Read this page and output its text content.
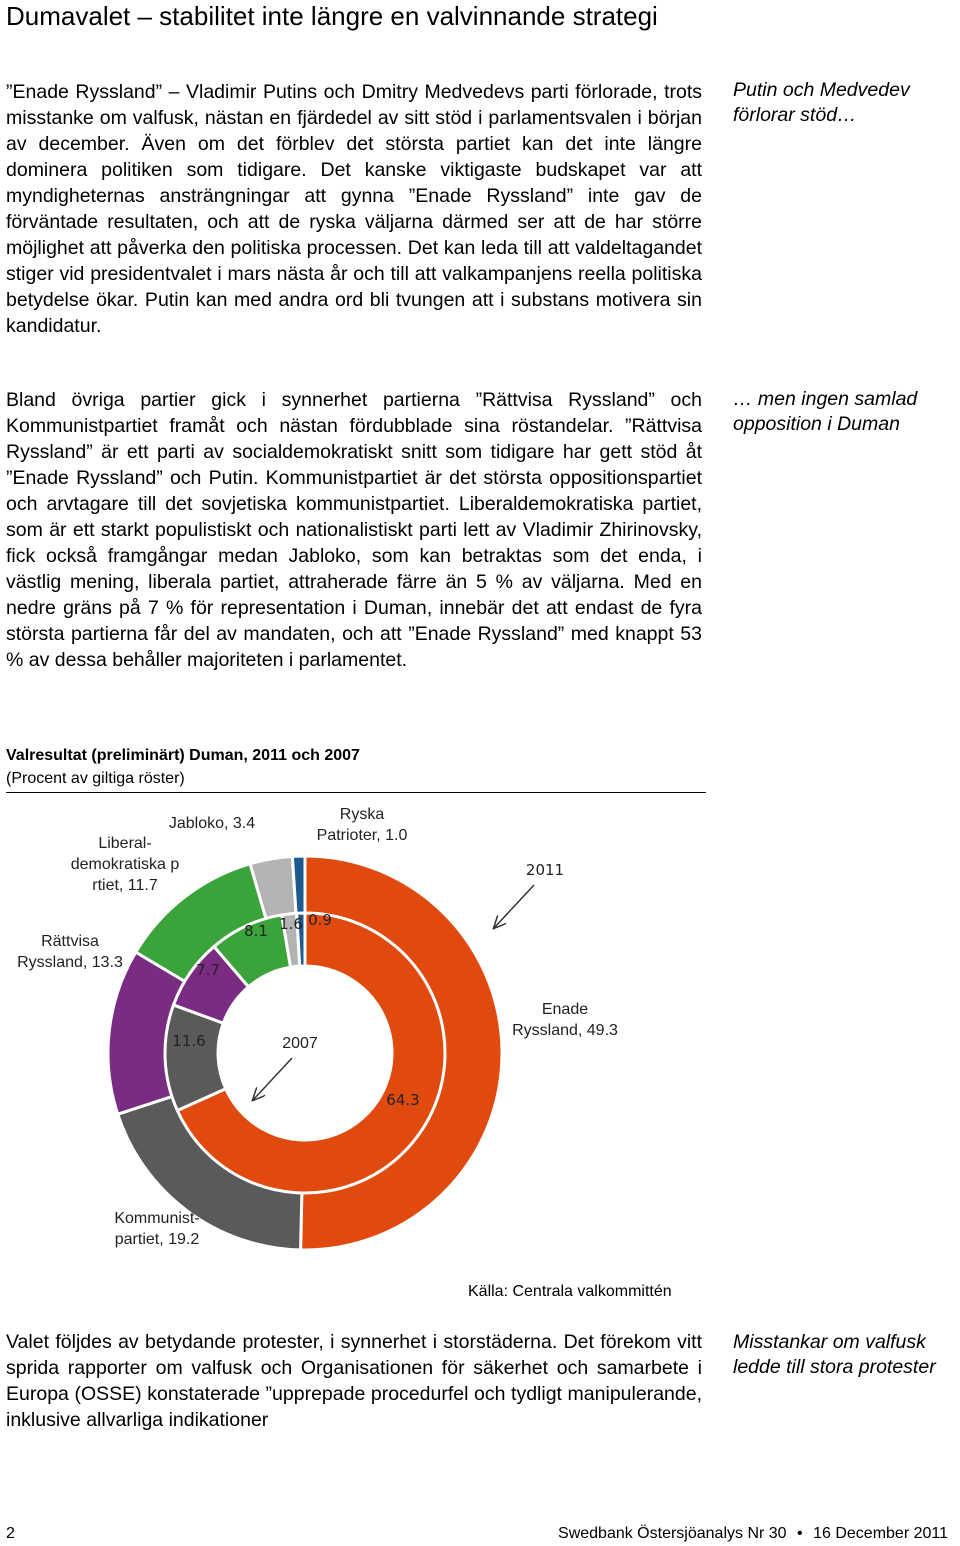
Dumavalet – stabilitet inte längre en valvinnande strategi

”Enade Ryssland” – Vladimir Putins och Dmitry Medvedevs parti förlorade, trots misstanke om valfusk, nästan en fjärdedel av sitt stöd i parlamentsvalen i början av december. Även om det förblev det största partiet kan det inte längre dominera politiken som tidigare. Det kanske viktigaste budskapet var att myndigheternas ansträngningar att gynna ”Enade Ryssland” inte gav de förväntade resultaten, och att de ryska väljarna därmed ser att de har större möjlighet att påverka den politiska processen. Det kan leda till att valdeltagandet stiger vid presidentvalet i mars nästa år och till att valkampanjens reella politiska betydelse ökar. Putin kan med andra ord bli tvungen att i substans motivera sin kandidatur.

Bland övriga partier gick i synnerhet partierna ”Rättvisa Ryssland” och Kommunistpartiet framåt och nästan fördubblade sina röstandelar. ”Rättvisa Ryssland” är ett parti av socialdemokratiskt snitt som tidigare har gett stöd åt ”Enade Ryssland” och Putin. Kommunistpartiet är det största oppositionspartiet och arvtagare till det sovjetiska kommunistpartiet. Liberaldemokratiska partiet, som är ett starkt populistiskt och nationalistiskt parti lett av Vladimir Zhirinovsky, fick också framgångar medan Jabloko, som kan betraktas som det enda, i västlig mening, liberala partiet, attraherade färre än 5 % av väljarna. Med en nedre gräns på 7 % för representation i Duman, innebär det att endast de fyra största partierna får del av mandaten, och att ”Enade Ryssland” med knappt 53 % av dessa behåller majoriteten i parlamentet.

Putin och Medvedev förlorar stöd…

… men ingen samlad opposition i Duman

Valresultat (preliminärt) Duman, 2011 och 2007

(Procent av giltiga röster)

Enade Ryssland, 49.3
Kommunist-partiet, 19.2
Rättvisa Ryssland, 13.3
Liberal-demokratiska p rtiet, 11.7
Jabloko, 3.4
Ryska Patrioter, 1.0
64.3
11.6
7.7
8.1 1.6 0.9
2011
2007

Källa: Centrala valkommittén

Valet följdes av betydande protester, i synnerhet i storstäderna. Det förekom vitt sprida rapporter om valfusk och Organisationen för säkerhet och samarbete i Europa (OSSE) konstaterade ”upprepade procedurfel och tydligt manipulerande, inklusive allvarliga indikationer

Misstankar om valfusk ledde till stora protester

2	Swedbank Östersjöanalys Nr 30 • 16 December 2011
